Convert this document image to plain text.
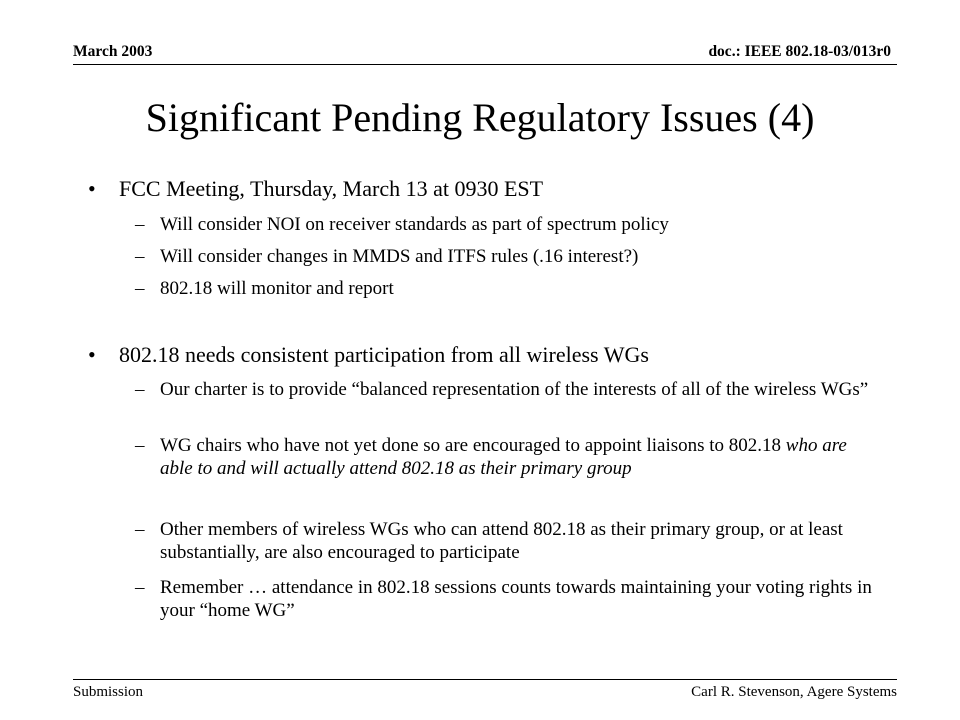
March 2003	doc.: IEEE 802.18-03/013r0
Significant Pending Regulatory Issues (4)
• FCC Meeting, Thursday, March 13 at 0930 EST
– Will consider NOI on receiver standards as part of spectrum policy
– Will consider changes in MMDS and ITFS rules (.16 interest?)
– 802.18 will monitor and report
• 802.18 needs consistent participation from all wireless WGs
– Our charter is to provide “balanced representation of the interests of all of the wireless WGs”
– WG chairs who have not yet done so are encouraged to appoint liaisons to 802.18 who are able to and will actually attend 802.18 as their primary group
– Other members of wireless WGs who can attend 802.18 as their primary group, or at least substantially, are also encouraged to participate
– Remember … attendance in 802.18 sessions counts towards maintaining your voting rights in your “home WG”
Submission	Carl R. Stevenson, Agere Systems
